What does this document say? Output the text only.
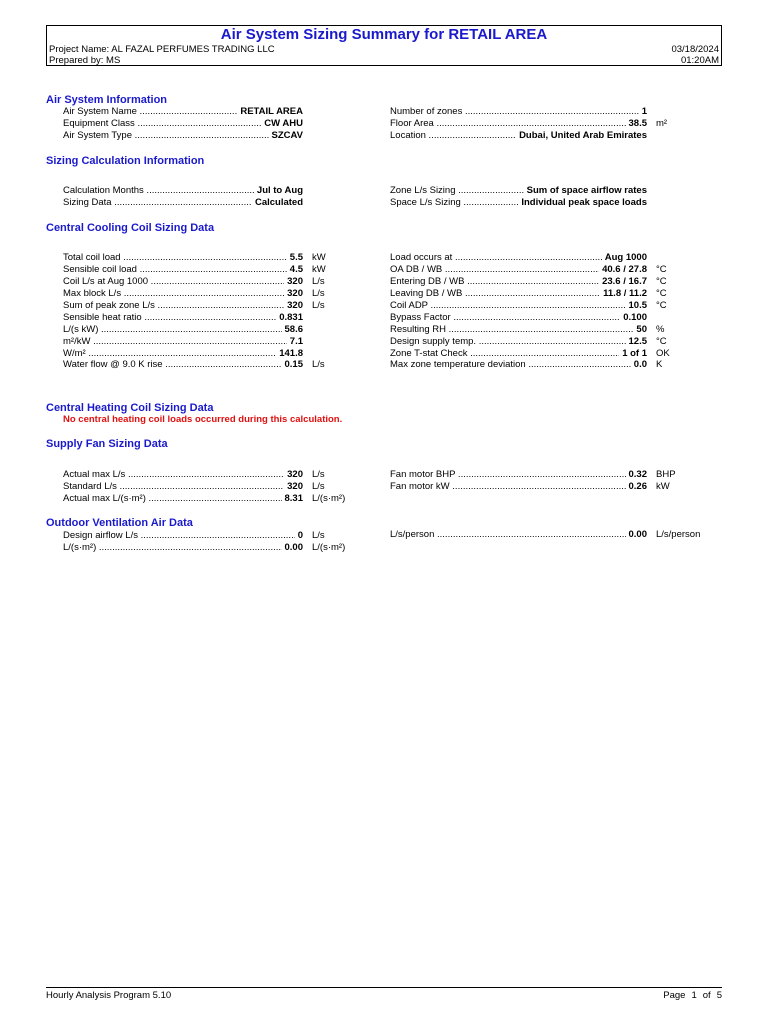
Air System Sizing Summary for RETAIL AREA
Project Name: AL FAZAL PERFUMES TRADING LLC
Prepared by: MS
03/18/2024
01:20AM
Air System Information
Air System Name .....	RETAIL AREA
Equipment Class .....	CW AHU
Air System Type .....	SZCAV
Number of zones .....	1
Floor Area .....	38.5 m²
Location .....	Dubai, United Arab Emirates
Sizing Calculation Information
Calculation Months .....	Jul to Aug
Sizing Data .....	Calculated
Zone L/s Sizing .....	Sum of space airflow rates
Space L/s Sizing .....	Individual peak space loads
Central Cooling Coil Sizing Data
Total coil load .....	5.5 kW
Sensible coil load .....	4.5 kW
Coil L/s at Aug 1000 .....	320 L/s
Max block L/s .....	320 L/s
Sum of peak zone L/s .....	320 L/s
Sensible heat ratio .....	0.831
L/(s kW) .....	58.6
m²/kW .....	7.1
W/m² .....	141.8
Water flow @ 9.0 K rise .....	0.15 L/s
Load occurs at .....	Aug 1000
OA DB / WB .....	40.6 / 27.8 °C
Entering DB / WB .....	23.6 / 16.7 °C
Leaving DB / WB .....	11.8 / 11.2 °C
Coil ADP .....	10.5 °C
Bypass Factor .....	0.100
Resulting RH .....	50 %
Design supply temp. .....	12.5 °C
Zone T-stat Check .....	1 of 1 OK
Max zone temperature deviation .....	0.0 K
Central Heating Coil Sizing Data
No central heating coil loads occurred during this calculation.
Supply Fan Sizing Data
Actual max L/s .....	320 L/s
Standard L/s .....	320 L/s
Actual max L/(s·m²) .....	8.31 L/(s·m²)
Fan motor BHP .....	0.32 BHP
Fan motor kW .....	0.26 kW
Outdoor Ventilation Air Data
Design airflow L/s .....	0 L/s
L/(s·m²) .....	0.00 L/(s·m²)
L/s/person .....	0.00 L/s/person
Hourly Analysis Program 5.10	Page 1 of 5
